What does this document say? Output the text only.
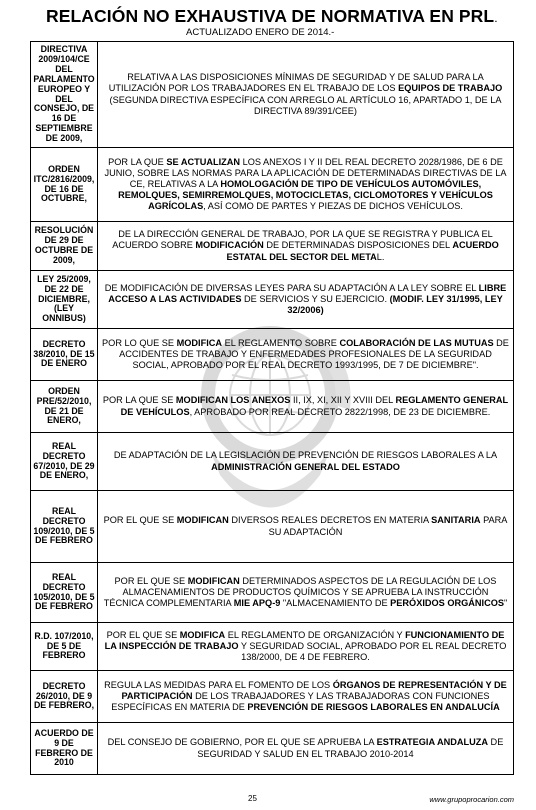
RELACIÓN NO EXHAUSTIVA DE NORMATIVA EN PRL.
ACTUALIZADO ENERO DE 2014.-
DIRECTIVA 2009/104/CE DEL PARLAMENTO EUROPEO Y DEL CONSEJO, DE 16 DE SEPTIEMBRE DE 2009,	RELATIVA A LAS DISPOSICIONES MÍNIMAS DE SEGURIDAD Y DE SALUD PARA LA UTILIZACIÓN POR LOS TRABAJADORES EN EL TRABAJO DE LOS EQUIPOS DE TRABAJO (SEGUNDA DIRECTIVA ESPECÍFICA CON ARREGLO AL ARTÍCULO 16, APARTADO 1, DE LA DIRECTIVA 89/391/CEE)
ORDEN ITC/2816/2009, DE 16 DE OCTUBRE,	POR LA QUE SE ACTUALIZAN LOS ANEXOS I Y II DEL REAL DECRETO 2028/1986, DE 6 DE JUNIO, SOBRE LAS NORMAS PARA LA APLICACIÓN DE DETERMINADAS DIRECTIVAS DE LA CE, RELATIVAS A LA HOMOLOGACIÓN DE TIPO DE VEHÍCULOS AUTOMÓVILES, REMOLQUES, SEMIRREMOLQUES, MOTOCICLETAS, CICLOMOTORES Y VEHÍCULOS AGRÍCOLAS, ASÍ COMO DE PARTES Y PIEZAS DE DICHOS VEHÍCULOS.
RESOLUCIÓN DE 29 DE OCTUBRE DE 2009,	DE LA DIRECCIÓN GENERAL DE TRABAJO, POR LA QUE SE REGISTRA Y PUBLICA EL ACUERDO SOBRE MODIFICACIÓN DE DETERMINADAS DISPOSICIONES DEL ACUERDO ESTATAL DEL SECTOR DEL METAL.
LEY 25/2009, DE 22 DE DICIEMBRE, (LEY ONNIBUS)	DE MODIFICACIÓN DE DIVERSAS LEYES PARA SU ADAPTACIÓN A LA LEY SOBRE EL LIBRE ACCESO A LAS ACTIVIDADES DE SERVICIOS Y SU EJERCICIO. (MODIF. LEY 31/1995, LEY 32/2006)
DECRETO 38/2010, DE 15 DE ENERO	POR LO QUE SE MODIFICA EL REGLAMENTO SOBRE COLABORACIÓN DE LAS MUTUAS DE ACCIDENTES DE TRABAJO Y ENFERMEDADES PROFESIONALES DE LA SEGURIDAD SOCIAL, APROBADO POR EL REAL DECRETO 1993/1995, DE 7 DE DICIEMBRE".
ORDEN PRE/52/2010, DE 21 DE ENERO,	POR LA QUE SE MODIFICAN LOS ANEXOS II, IX, XI, XII Y XVIII DEL REGLAMENTO GENERAL DE VEHÍCULOS, APROBADO POR REAL DECRETO 2822/1998, DE 23 DE DICIEMBRE.
REAL DECRETO 67/2010, DE 29 DE ENERO,	DE ADAPTACIÓN DE LA LEGISLACIÓN DE PREVENCIÓN DE RIESGOS LABORALES A LA ADMINISTRACIÓN GENERAL DEL ESTADO
REAL DECRETO 109/2010, DE 5 DE FEBRERO	POR EL QUE SE MODIFICAN DIVERSOS REALES DECRETOS EN MATERIA SANITARIA PARA SU ADAPTACIÓN
REAL DECRETO 105/2010, DE 5 DE FEBRERO	POR EL QUE SE MODIFICAN DETERMINADOS ASPECTOS DE LA REGULACIÓN DE LOS ALMACENAMIENTOS DE PRODUCTOS QUÍMICOS Y SE APRUEBA LA INSTRUCCIÓN TÉCNICA COMPLEMENTARIA MIE APQ-9 "ALMACENAMIENTO DE PERÓXIDOS ORGÁNICOS"
R.D. 107/2010, DE 5 DE FEBRERO	POR EL QUE SE MODIFICA EL REGLAMENTO DE ORGANIZACIÓN Y FUNCIONAMIENTO DE LA INSPECCIÓN DE TRABAJO Y SEGURIDAD SOCIAL, APROBADO POR EL REAL DECRETO 138/2000, DE 4 DE FEBRERO.
DECRETO 26/2010, DE 9 DE FEBRERO,	REGULA LAS MEDIDAS PARA EL FOMENTO DE LOS ÓRGANOS DE REPRESENTACIÓN Y DE PARTICIPACIÓN DE LOS TRABAJADORES Y LAS TRABAJADORAS CON FUNCIONES ESPECÍFICAS EN MATERIA DE PREVENCIÓN DE RIESGOS LABORALES EN ANDALUCÍA
ACUERDO DE 9 DE FEBRERO DE 2010	DEL CONSEJO DE GOBIERNO, POR EL QUE SE APRUEBA LA ESTRATEGIA ANDALUZA DE SEGURIDAD Y SALUD EN EL TRABAJO 2010-2014
25	www.grupoprocarion.com
